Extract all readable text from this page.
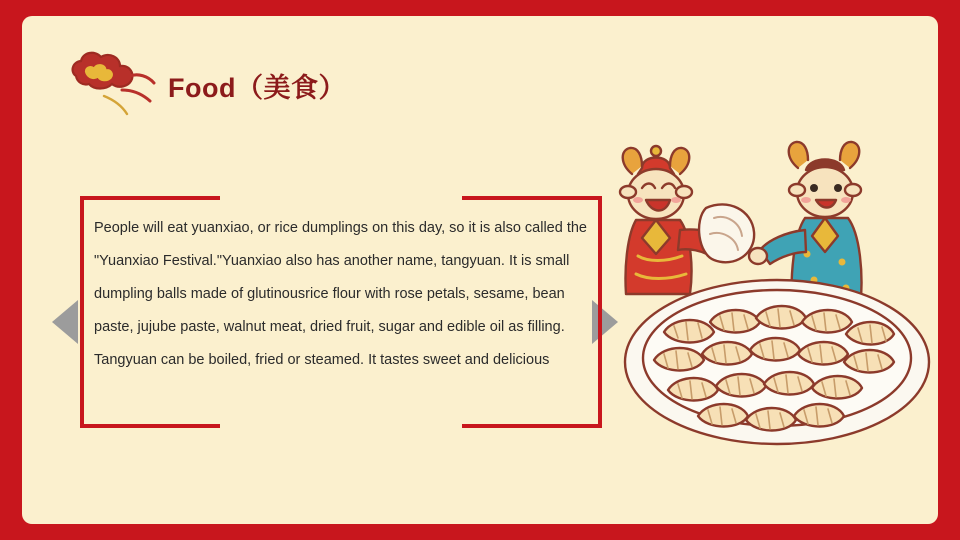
Food（美食）
People will eat yuanxiao, or rice dumplings on this day, so it is also called the "Yuanxiao Festival."Yuanxiao also has another name, tangyuan. It is small dumpling balls made of glutinousrice flour with rose petals, sesame, bean paste, jujube paste, walnut meat, dried fruit, sugar and edible oil as filling. Tangyuan can be boiled, fried or steamed. It tastes sweet and delicious
